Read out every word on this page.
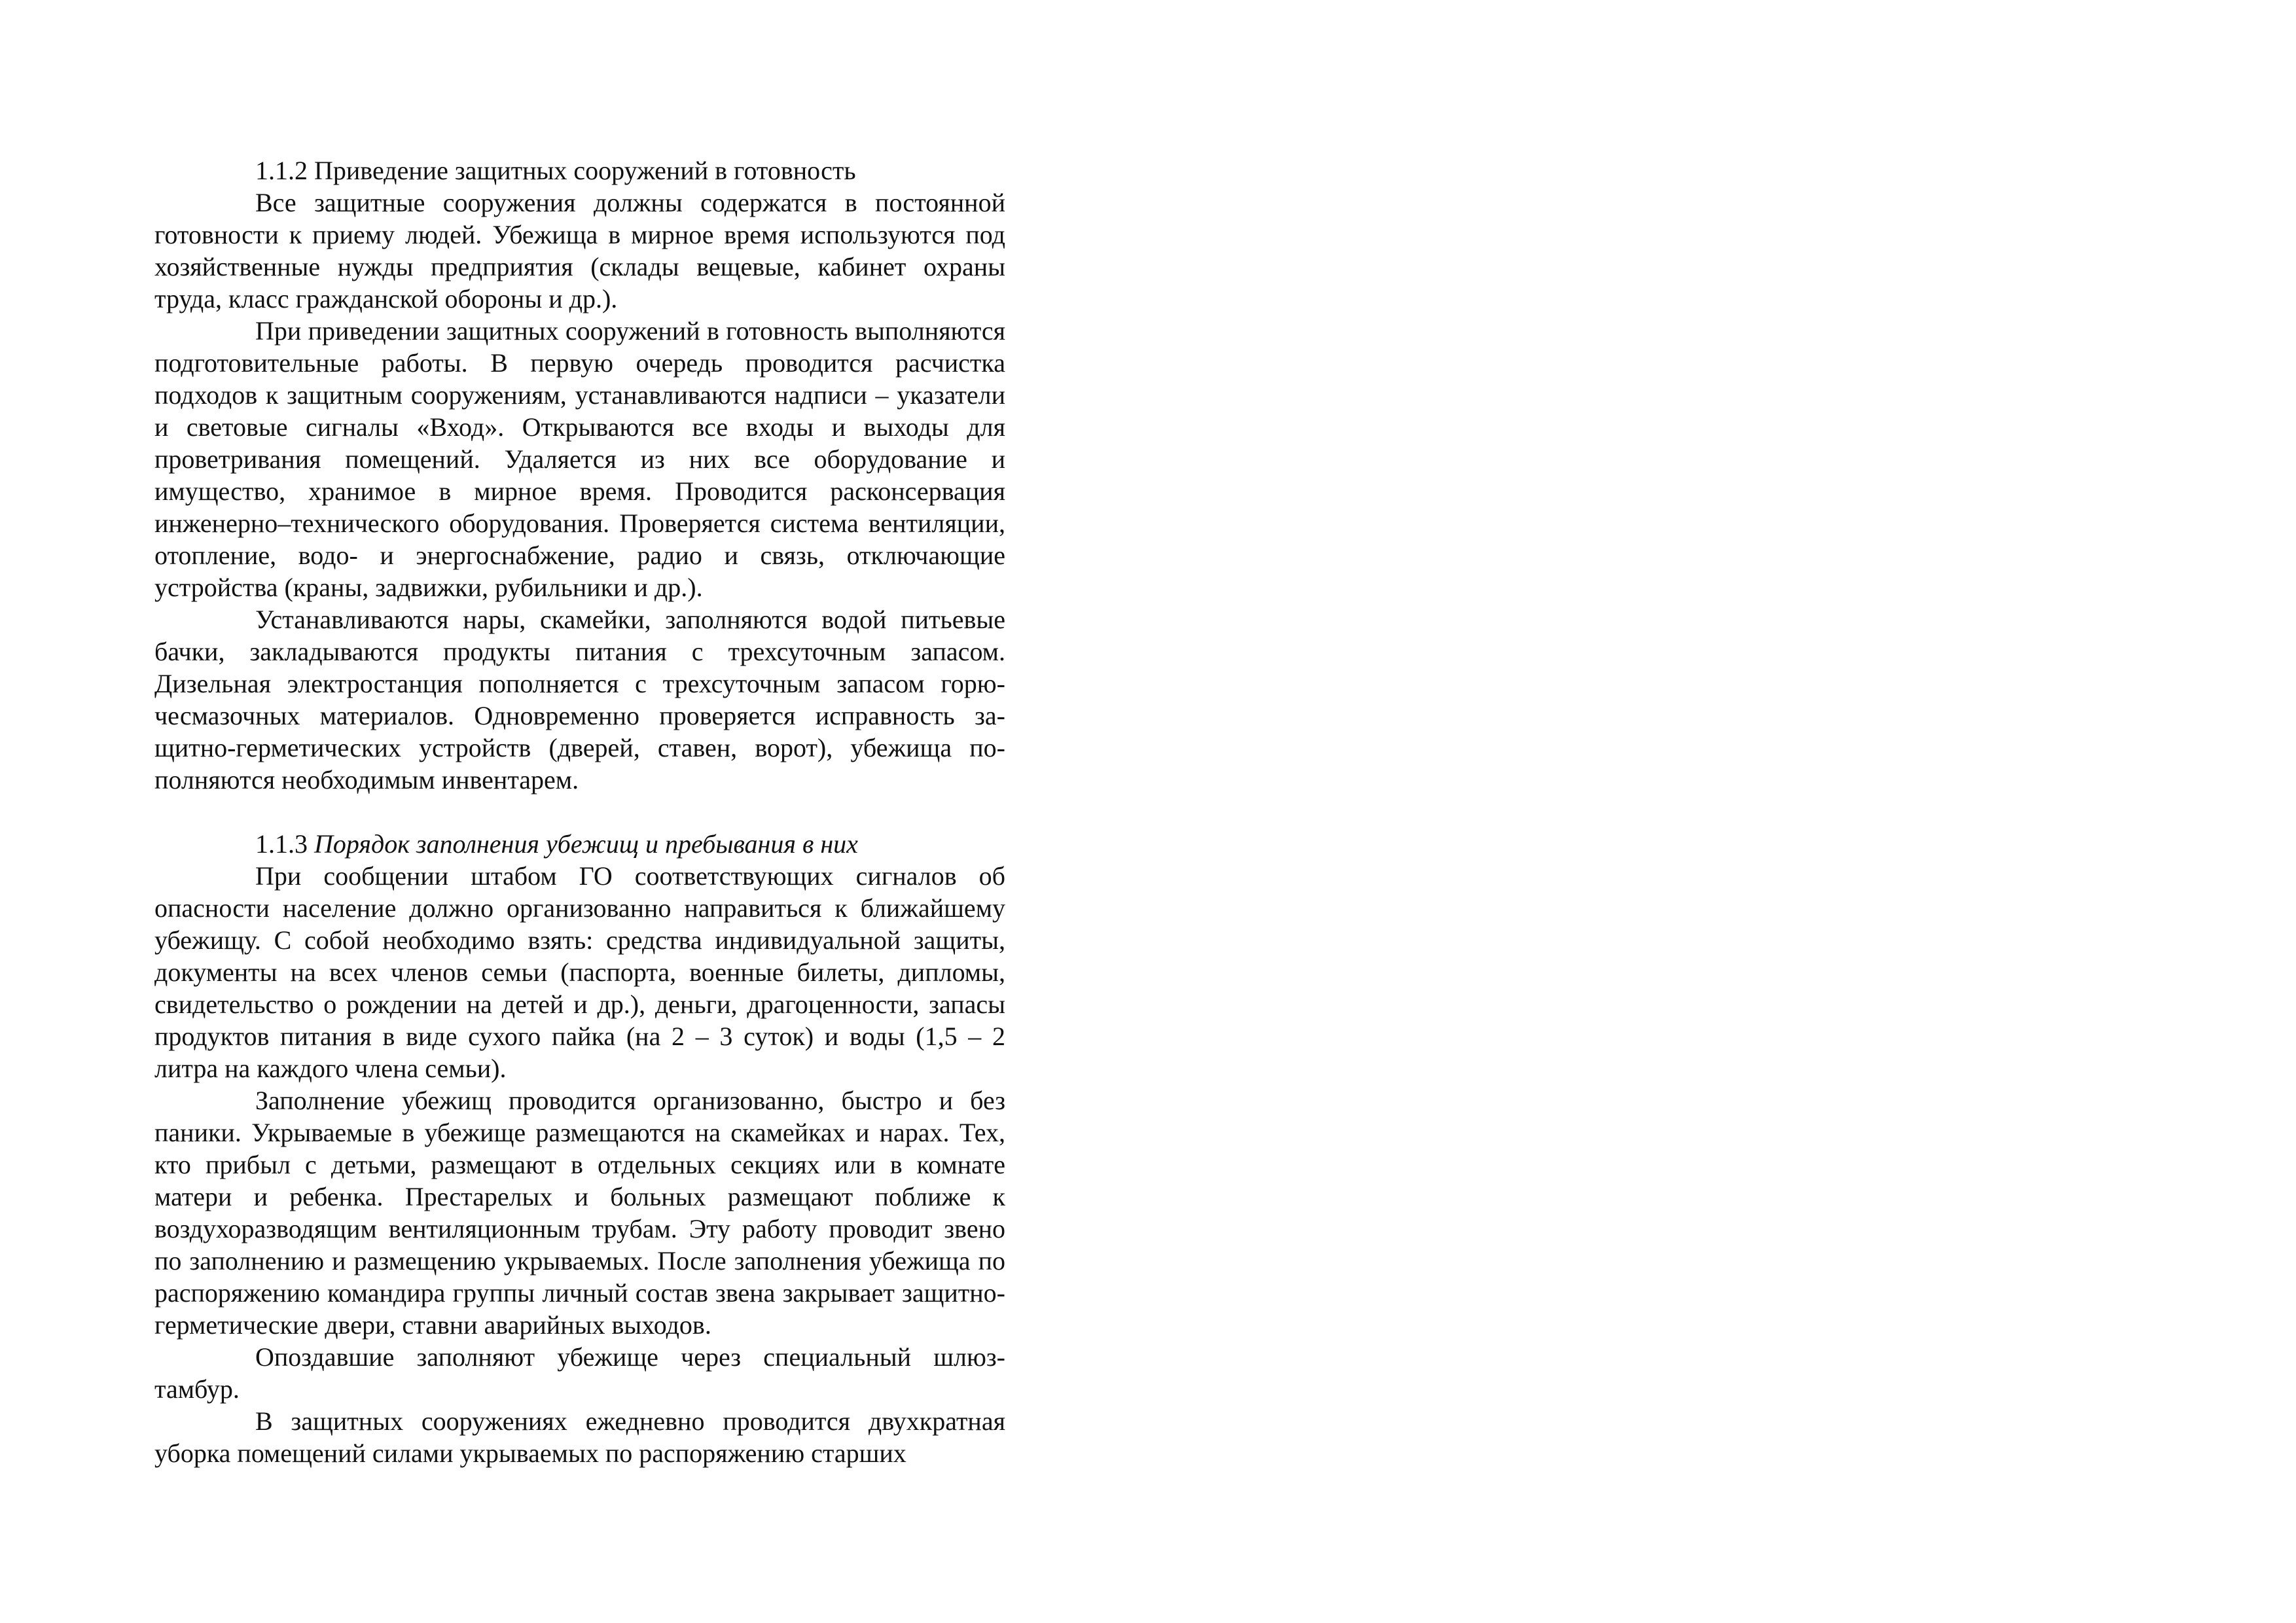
1.1.2 Приведение защитных сооружений в готовность

Все защитные сооружения должны содержатся в постоянной готовности к приему людей. Убежища в мирное время используются под хозяйственные нужды предприятия (склады вещевые, кабинет охраны труда, класс гражданской обороны и др.).

При приведении защитных сооружений в готовность выполняются подготовительные работы. В первую очередь проводится расчистка подходов к защитным сооружениям, устанавливаются надписи – указатели и световые сигналы «Вход». Открываются все входы и выходы для проветривания помещений. Удаляется из них все оборудование и имущество, хранимое в мирное время. Проводится расконсервация инженерно–технического оборудования. Проверяется система вентиляции, отопление, водо- и энергоснабжение, радио и связь, отключающие устройства (краны, задвижки, рубильники и др.).

Устанавливаются нары, скамейки, заполняются водой питьевые бачки, закладываются продукты питания с трехсуточным запасом. Дизельная электростанция пополняется с трехсуточным запасом горючесмазочных материалов. Одновременно проверяется исправность защитно-герметических устройств (дверей, ставен, ворот), убежища пополняются необходимым инвентарем.

1.1.3 Порядок заполнения убежищ и пребывания в них

При сообщении штабом ГО соответствующих сигналов об опасности население должно организованно направиться к ближайшему убежищу. С собой необходимо взять: средства индивидуальной защиты, документы на всех членов семьи (паспорта, военные билеты, дипломы, свидетельство о рождении на детей и др.), деньги, драгоценности, запасы продуктов питания в виде сухого пайка (на 2 – 3 суток) и воды (1,5 – 2 литра на каждого члена семьи).

Заполнение убежищ проводится организованно, быстро и без паники. Укрываемые в убежище размещаются на скамейках и нарах. Тех, кто прибыл с детьми, размещают в отдельных секциях или в комнате матери и ребенка. Престарелых и больных размещают поближе к воздухоразводящим вентиляционным трубам. Эту работу проводит звено по заполнению и размещению укрываемых. После заполнения убежища по распоряжению командира группы личный состав звена закрывает защитно-герметические двери, ставни аварийных выходов.

Опоздавшие заполняют убежище через специальный шлюз-тамбур.

В защитных сооружениях ежедневно проводится двухкратная уборка помещений силами укрываемых по распоряжению старших
